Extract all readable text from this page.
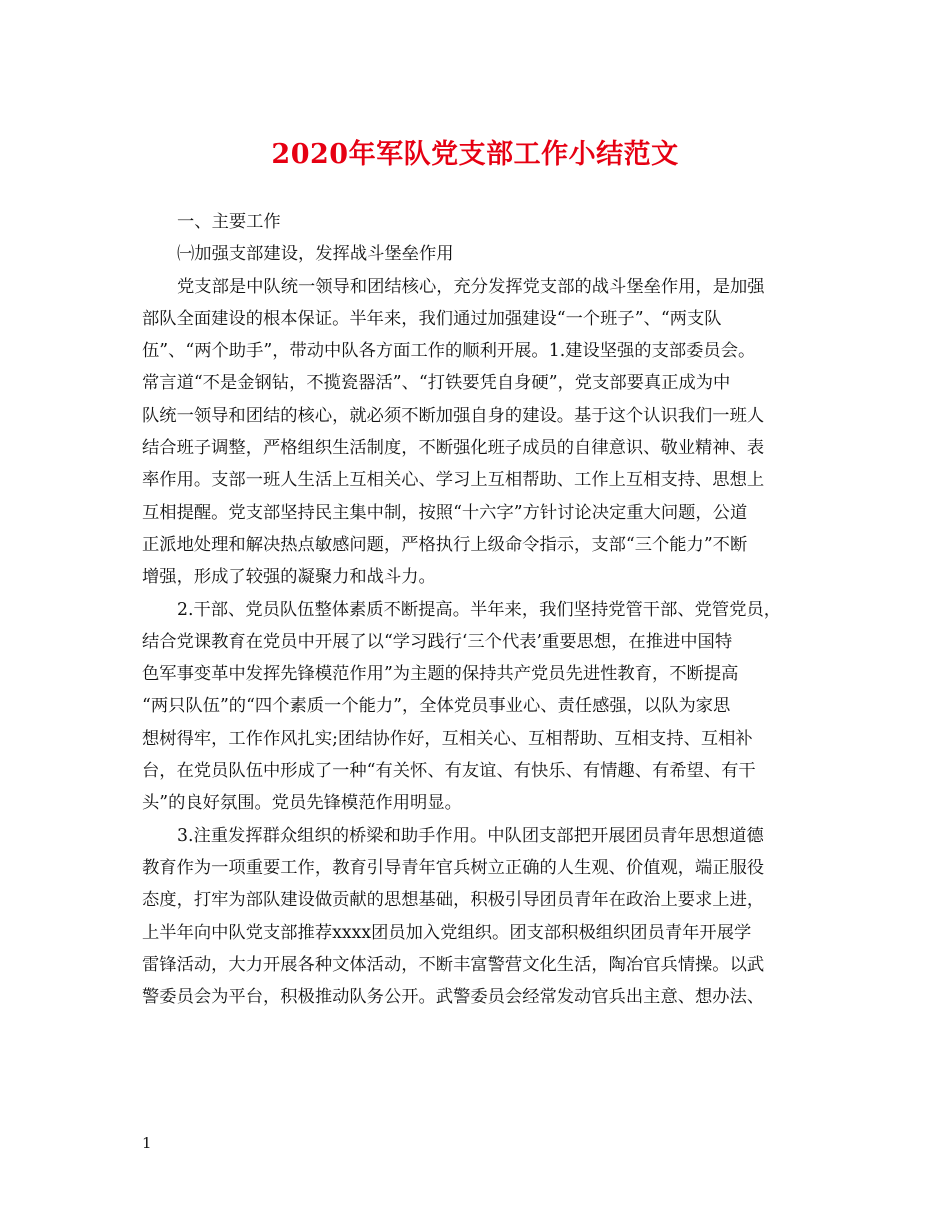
2020年军队党支部工作小结范文
一、主要工作
㈠加强支部建设，发挥战斗堡垒作用
党支部是中队统一领导和团结核心，充分发挥党支部的战斗堡垒作用，是加强
部队全面建设的根本保证。半年来，我们通过加强建设“一个班子”、“两支队
伍”、“两个助手”，带动中队各方面工作的顺利开展。1.建设坚强的支部委员会。
常言道“不是金钢钻，不揽瓷器活”、“打铁要凭自身硬”，党支部要真正成为中
队统一领导和团结的核心，就必须不断加强自身的建设。基于这个认识我们一班人
结合班子调整，严格组织生活制度，不断强化班子成员的自律意识、敬业精神、表
率作用。支部一班人生活上互相关心、学习上互相帮助、工作上互相支持、思想上
互相提醒。党支部坚持民主集中制，按照“十六字”方针讨论决定重大问题，公道
正派地处理和解决热点敏感问题，严格执行上级命令指示，支部“三个能力”不断
增强，形成了较强的凝聚力和战斗力。
2.干部、党员队伍整体素质不断提高。半年来，我们坚持党管干部、党管党员，
结合党课教育在党员中开展了以“学习践行‘三个代表’重要思想，在推进中国特
色军事变革中发挥先锋模范作用”为主题的保持共产党员先进性教育，不断提高
“两只队伍”的“四个素质一个能力”，全体党员事业心、责任感强，以队为家思
想树得牢，工作作风扎实;团结协作好，互相关心、互相帮助、互相支持、互相补
台，在党员队伍中形成了一种“有关怀、有友谊、有快乐、有情趣、有希望、有干
头”的良好氛围。党员先锋模范作用明显。
3.注重发挥群众组织的桥梁和助手作用。中队团支部把开展团员青年思想道德
教育作为一项重要工作，教育引导青年官兵树立正确的人生观、价值观，端正服役
态度，打牢为部队建设做贡献的思想基础，积极引导团员青年在政治上要求上进，
上半年向中队党支部推荐xxxx团员加入党组织。团支部积极组织团员青年开展学
雷锋活动，大力开展各种文体活动，不断丰富警营文化生活，陶冶官兵情操。以武
警委员会为平台，积极推动队务公开。武警委员会经常发动官兵出主意、想办法、
1
